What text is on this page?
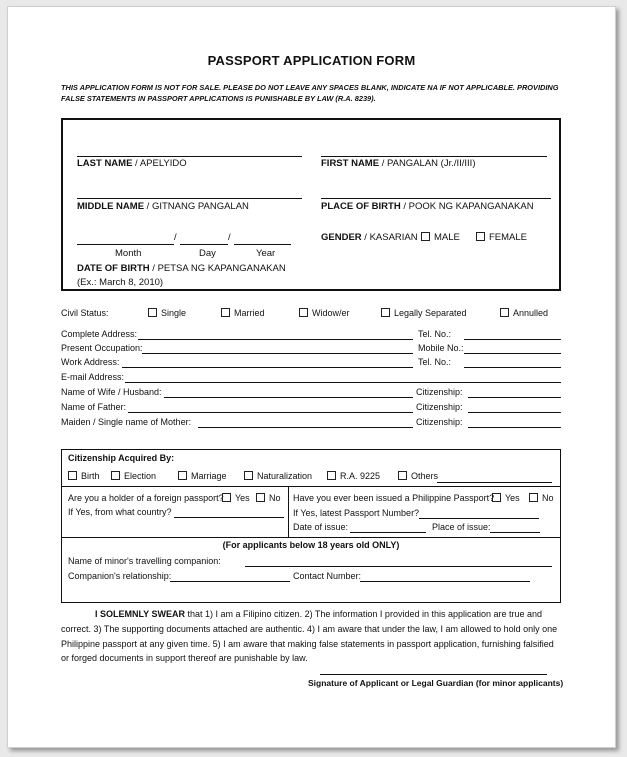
PASSPORT APPLICATION FORM
THIS APPLICATION FORM IS NOT FOR SALE. PLEASE DO NOT LEAVE ANY SPACES BLANK, INDICATE NA IF NOT APPLICABLE. PROVIDING FALSE STATEMENTS IN PASSPORT APPLICATIONS IS PUNISHABLE BY LAW (R.A. 8239).
LAST NAME / APELYIDO	FIRST NAME / PANGALAN (Jr./II/III)
MIDDLE NAME / GITNANG PANGALAN	PLACE OF BIRTH / POOK NG KAPANGANAKAN
/	/
Month	Day	Year
DATE OF BIRTH / PETSA NG KAPANGANAKAN
(Ex.: March 8, 2010)
GENDER / KASARIAN	MALE	FEMALE
Civil Status:	Single	Married	Widow/er	Legally Separated	Annulled
Complete Address:	Tel. No.:
Present Occupation:	Mobile No.:
Work Address:	Tel. No.:
E-mail Address:
Name of Wife / Husband:	Citizenship:
Name of Father:	Citizenship:
Maiden / Single name of Mother:	Citizenship:
Citizenship Acquired By:
Birth	Election	Marriage	Naturalization	R.A. 9225	Others
Are you a holder of a foreign passport?	Yes	No
If Yes, from what country?
Have you ever been issued a Philippine Passport?	Yes	No
If Yes, latest Passport Number?
Date of issue:	Place of issue:
(For applicants below 18 years old ONLY)
Name of minor's travelling companion:
Companion's relationship:	Contact Number:
I SOLEMNLY SWEAR that 1) I am a Filipino citizen. 2) The information I provided in this application are true and correct. 3) The supporting documents attached are authentic. 4) I am aware that under the law, I am allowed to hold only one Philippine passport at any given time. 5) I am aware that making false statements in passport application, furnishing falsified or forged documents in support thereof are punishable by law.
Signature of Applicant or Legal Guardian (for minor applicants)
